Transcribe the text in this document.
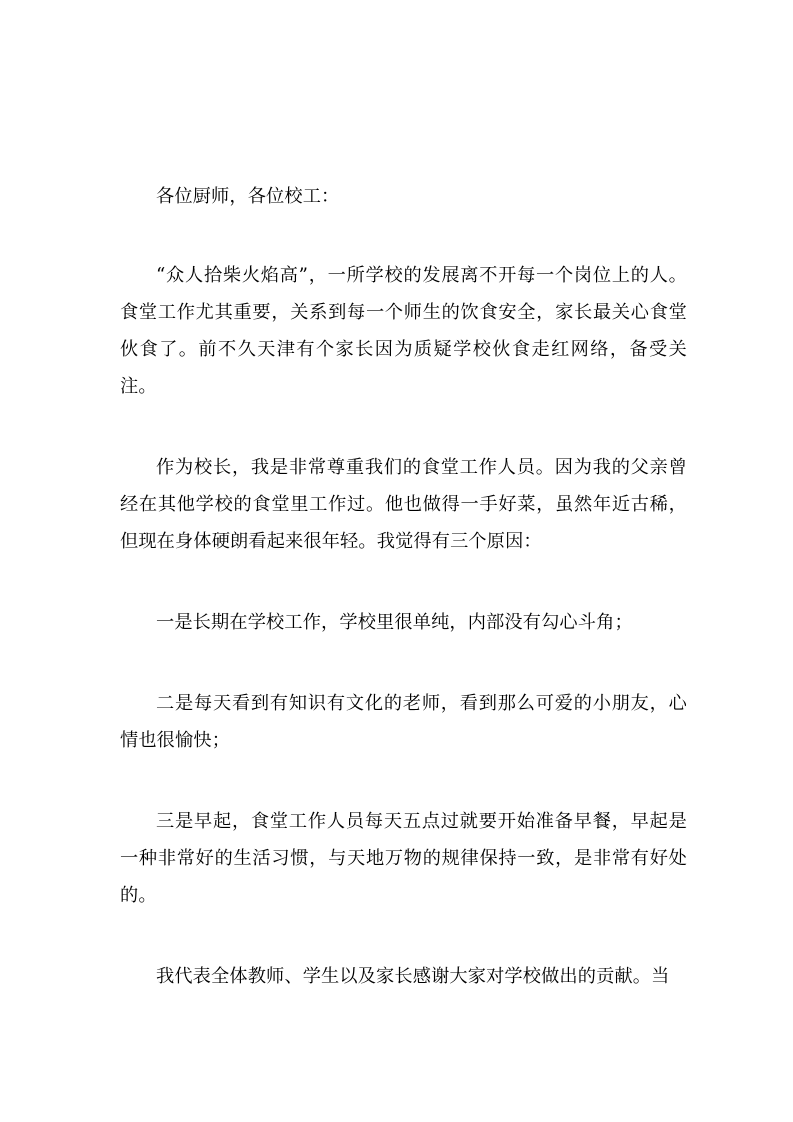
各位厨师，各位校工：

“众人拾柴火焰高”，一所学校的发展离不开每一个岗位上的人。食堂工作尤其重要，关系到每一个师生的饮食安全，家长最关心食堂伙食了。前不久天津有个家长因为质疑学校伙食走红网络，备受关注。

作为校长，我是非常尊重我们的食堂工作人员。因为我的父亲曾经在其他学校的食堂里工作过。他也做得一手好菜，虽然年近古稀，但现在身体硬朗看起来很年轻。我觉得有三个原因：

一是长期在学校工作，学校里很单纯，内部没有勾心斗角；

二是每天看到有知识有文化的老师，看到那么可爱的小朋友，心情也很愉快；

三是早起，食堂工作人员每天五点过就要开始准备早餐，早起是一种非常好的生活习惯，与天地万物的规律保持一致，是非常有好处的。

我代表全体教师、学生以及家长感谢大家对学校做出的贡献。当
